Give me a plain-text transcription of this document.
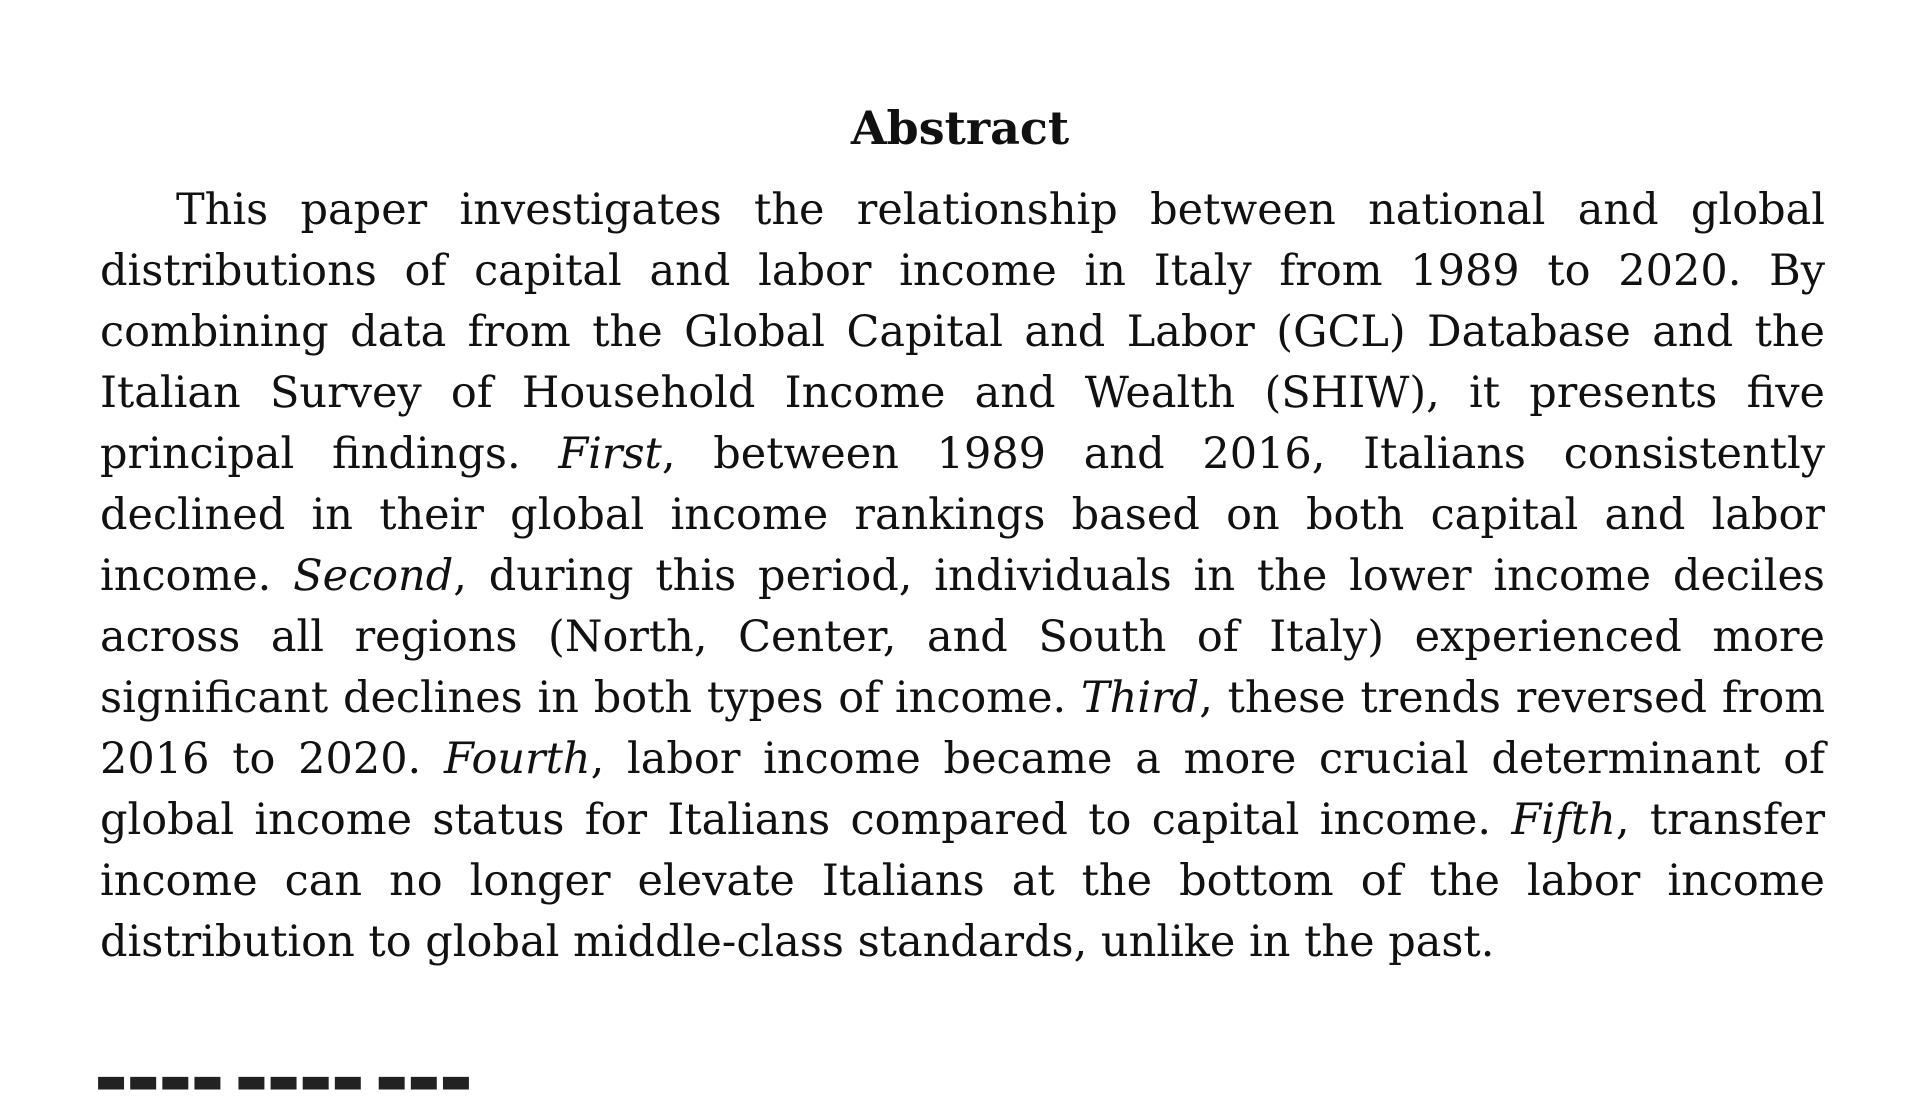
Abstract

This paper investigates the relationship between national and global distributions of capital and labor income in Italy from 1989 to 2020. By combining data from the Global Capital and Labor (GCL) Database and the Italian Survey of Household Income and Wealth (SHIW), it presents five principal findings. First, between 1989 and 2016, Italians consistently declined in their global income rankings based on both capital and labor income. Second, during this period, individuals in the lower income deciles across all regions (North, Center, and South of Italy) experienced more significant declines in both types of income. Third, these trends reversed from 2016 to 2020. Fourth, labor income became a more crucial determinant of global income status for Italians compared to capital income. Fifth, transfer income can no longer elevate Italians at the bottom of the labor income distribution to global middle-class standards, unlike in the past.

▬▬▬▬ ▬▬▬▬ ▬▬▬
